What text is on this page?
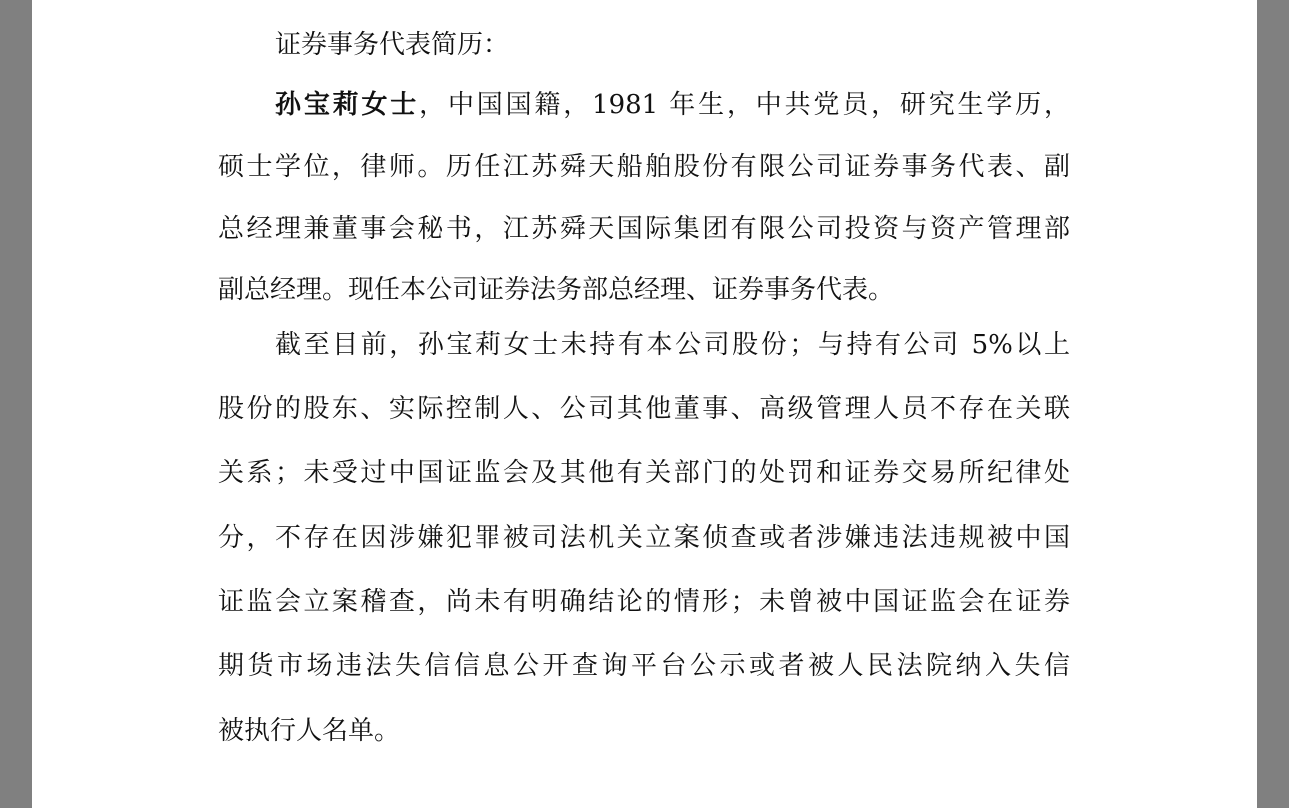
证券事务代表简历：
孙宝莉女士，中国国籍，1981 年生，中共党员，研究生学历，
硕士学位，律师。历任江苏舜天船舶股份有限公司证券事务代表、副
总经理兼董事会秘书，江苏舜天国际集团有限公司投资与资产管理部
副总经理。现任本公司证券法务部总经理、证券事务代表。
截至目前，孙宝莉女士未持有本公司股份；与持有公司 5%以上
股份的股东、实际控制人、公司其他董事、高级管理人员不存在关联
关系；未受过中国证监会及其他有关部门的处罚和证券交易所纪律处
分，不存在因涉嫌犯罪被司法机关立案侦查或者涉嫌违法违规被中国
证监会立案稽查，尚未有明确结论的情形；未曾被中国证监会在证券
期货市场违法失信信息公开查询平台公示或者被人民法院纳入失信
被执行人名单。
